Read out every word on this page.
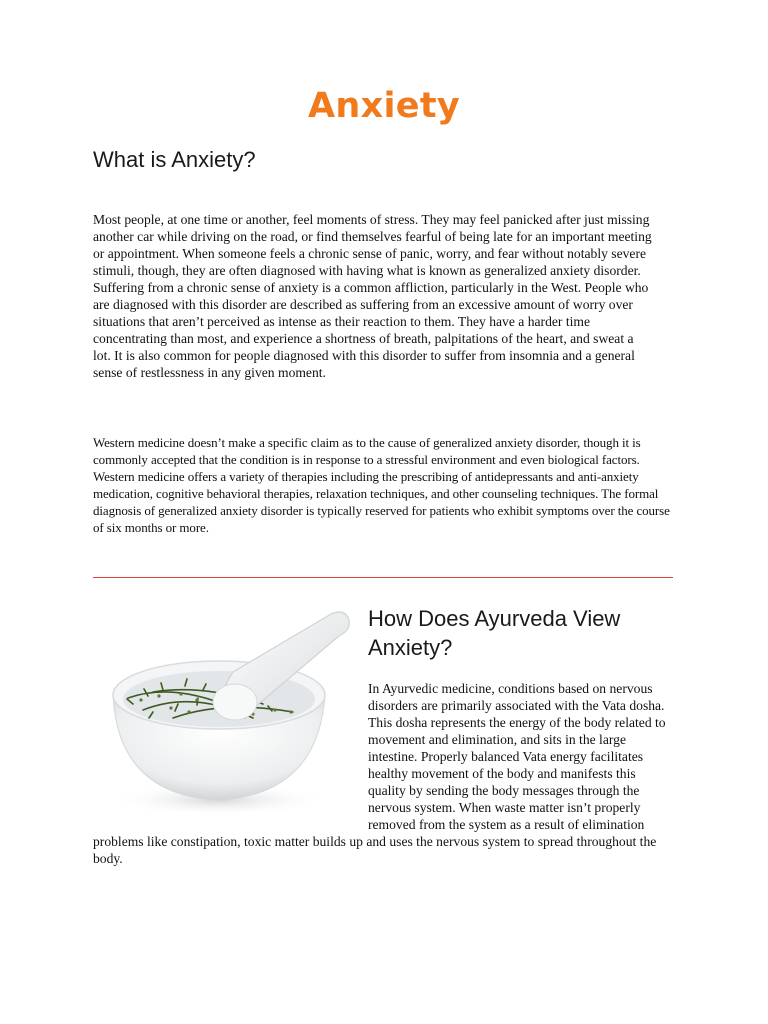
Anxiety
What is Anxiety?

Most people, at one time or another, feel moments of stress. They may feel panicked after just missing another car while driving on the road, or find themselves fearful of being late for an important meeting or appointment. When someone feels a chronic sense of panic, worry, and fear without notably severe stimuli, though, they are often diagnosed with having what is known as generalized anxiety disorder. Suffering from a chronic sense of anxiety is a common affliction, particularly in the West. People who are diagnosed with this disorder are described as suffering from an excessive amount of worry over situations that aren’t perceived as intense as their reaction to them. They have a harder time concentrating than most, and experience a shortness of breath, palpitations of the heart, and sweat a lot. It is also common for people diagnosed with this disorder to suffer from insomnia and a general sense of restlessness in any given moment.

Western medicine doesn’t make a specific claim as to the cause of generalized anxiety disorder, though it is commonly accepted that the condition is in response to a stressful environment and even biological factors. Western medicine offers a variety of therapies including the prescribing of antidepressants and anti-anxiety medication, cognitive behavioral therapies, relaxation techniques, and other counseling techniques. The formal diagnosis of generalized anxiety disorder is typically reserved for patients who exhibit symptoms over the course of six months or more.

How Does Ayurveda View Anxiety?

In Ayurvedic medicine, conditions based on nervous disorders are primarily associated with the Vata dosha. This dosha represents the energy of the body related to movement and elimination, and sits in the large intestine. Properly balanced Vata energy facilitates healthy movement of the body and manifests this quality by sending the body messages through the nervous system. When waste matter isn’t properly removed from the system as a result of elimination problems like constipation, toxic matter builds up and uses the nervous system to spread throughout the body.
